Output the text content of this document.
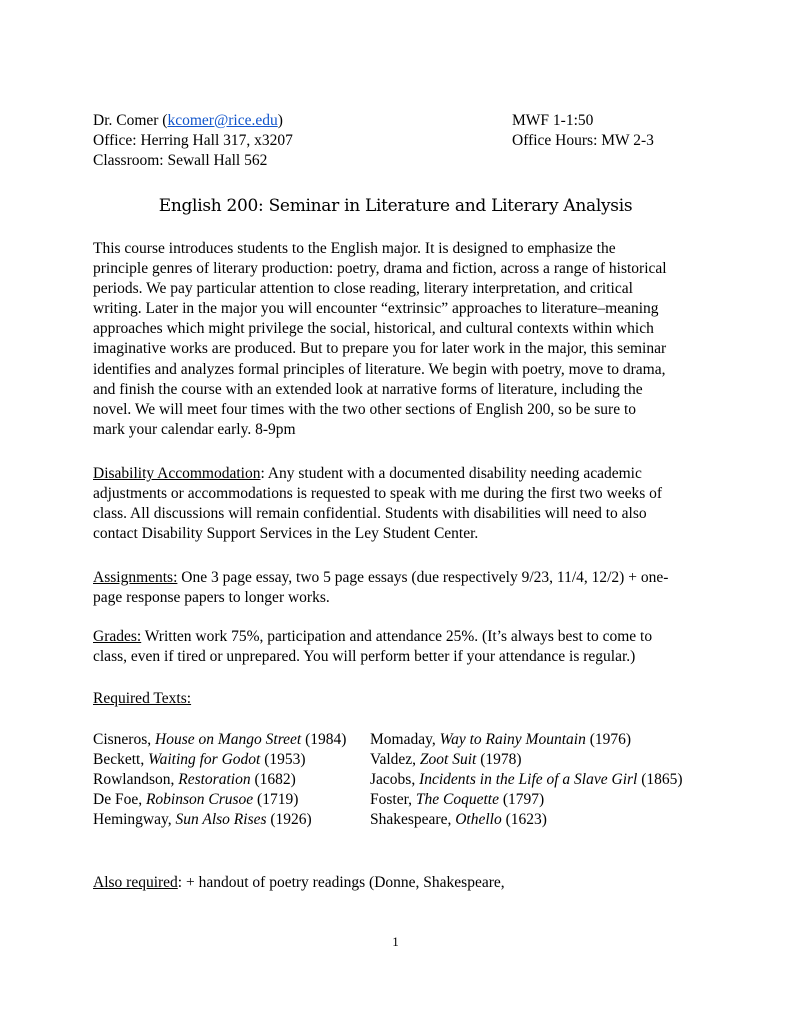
Dr. Comer (kcomer@rice.edu)
Office: Herring Hall 317, x3207
Classroom: Sewall Hall 562
MWF 1-1:50
Office Hours: MW 2-3
English 200: Seminar in Literature and Literary Analysis
This course introduces students to the English major. It is designed to emphasize the
principle genres of literary production: poetry, drama and fiction, across a range of historical
periods. We pay particular attention to close reading, literary interpretation, and critical
writing. Later in the major you will encounter “extrinsic” approaches to literature–meaning
approaches which might privilege the social, historical, and cultural contexts within which
imaginative works are produced. But to prepare you for later work in the major, this seminar
identifies and analyzes formal principles of literature. We begin with poetry, move to drama,
and finish the course with an extended look at narrative forms of literature, including the
novel. We will meet four times with the two other sections of English 200, so be sure to
mark your calendar early. 8-9pm
Disability Accommodation: Any student with a documented disability needing academic
adjustments or accommodations is requested to speak with me during the first two weeks of
class. All discussions will remain confidential. Students with disabilities will need to also
contact Disability Support Services in the Ley Student Center.
Assignments: One 3 page essay, two 5 page essays (due respectively 9/23, 11/4, 12/2) + one-
page response papers to longer works.
Grades: Written work 75%, participation and attendance 25%. (It’s always best to come to
class, even if tired or unprepared. You will perform better if your attendance is regular.)
Required Texts:
Cisneros, House on Mango Street (1984)
Beckett, Waiting for Godot (1953)
Rowlandson, Restoration (1682)
De Foe, Robinson Crusoe (1719)
Hemingway, Sun Also Rises (1926)
Momaday, Way to Rainy Mountain (1976)
Valdez, Zoot Suit (1978)
Jacobs, Incidents in the Life of a Slave Girl (1865)
Foster, The Coquette (1797)
Shakespeare, Othello (1623)
Also required: + handout of poetry readings (Donne, Shakespeare,
1
